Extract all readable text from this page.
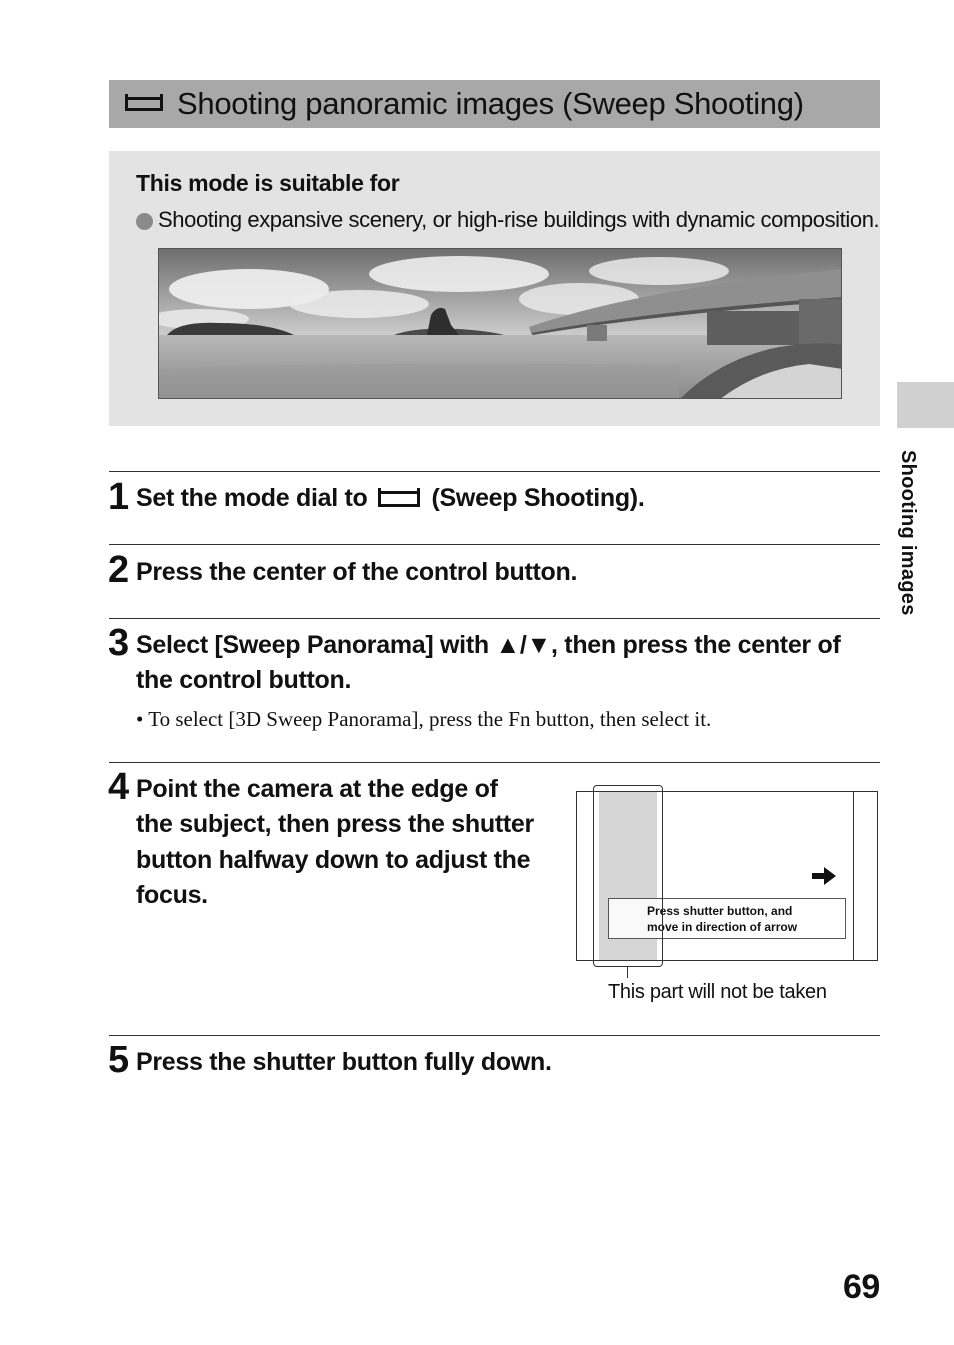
Shooting panoramic images (Sweep Shooting)
This mode is suitable for
Shooting expansive scenery, or high-rise buildings with dynamic composition.
1 Set the mode dial to	(Sweep Shooting).
2 Press the center of the control button.
3 Select [Sweep Panorama] with ▲/▼, then press the center of
the control button.
• To select [3D Sweep Panorama], press the Fn button, then select it.
4 Point the camera at the edge of
the subject, then press the shutter
button halfway down to adjust the
focus.
Press shutter button, and
move in direction of arrow
This part will not be taken
5 Press the shutter button fully down.
Shooting images
69
